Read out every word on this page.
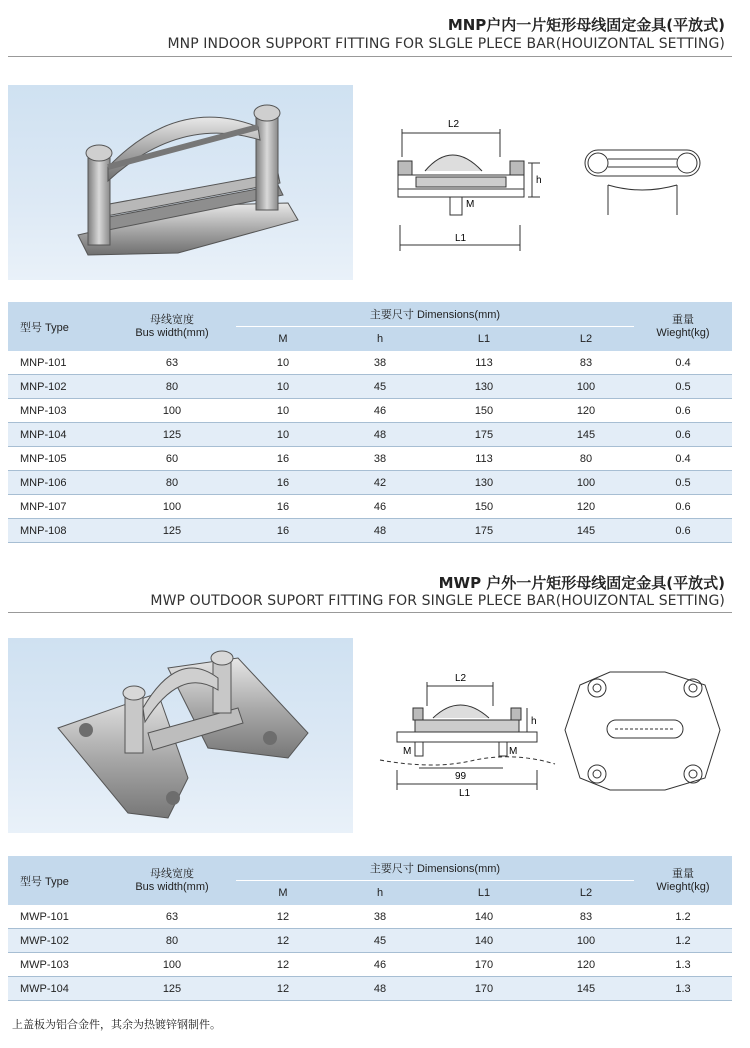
MNP户内一片矩形母线固定金具(平放式)
MNP INDOOR SUPPORT FITTING FOR SLGLE PLECE BAR(HOUIZONTAL SETTING)
L2
L1
h
M
型号 Type	母线宽度
Bus width(mm)	主要尺寸 Dimensions(mm)				重量
Wieght(kg)

		M	h	L1	L2	
MNP-101	63	10	38	113	83	0.4
MNP-102	80	10	45	130	100	0.5
MNP-103	100	10	46	150	120	0.6
MNP-104	125	10	48	175	145	0.6
MNP-105	60	16	38	113	80	0.4
MNP-106	80	16	42	130	100	0.5
MNP-107	100	16	46	150	120	0.6
MNP-108	125	16	48	175	145	0.6
MWP 户外一片矩形母线固定金具(平放式)
MWP OUTDOOR SUPORT FITTING FOR SINGLE PLECE BAR(HOUIZONTAL SETTING)
L2
h
M	M
99
L1
型号 Type	母线宽度
Bus width(mm)	主要尺寸 Dimensions(mm)				重量
Wieght(kg)

		M	h	L1	L2	
MWP-101	63	12	38	140	83	1.2
MWP-102	80	12	45	140	100	1.2
MWP-103	100	12	46	170	120	1.3
MWP-104	125	12	48	170	145	1.3
上盖板为铝合金件，其余为热镀锌钢制件。
